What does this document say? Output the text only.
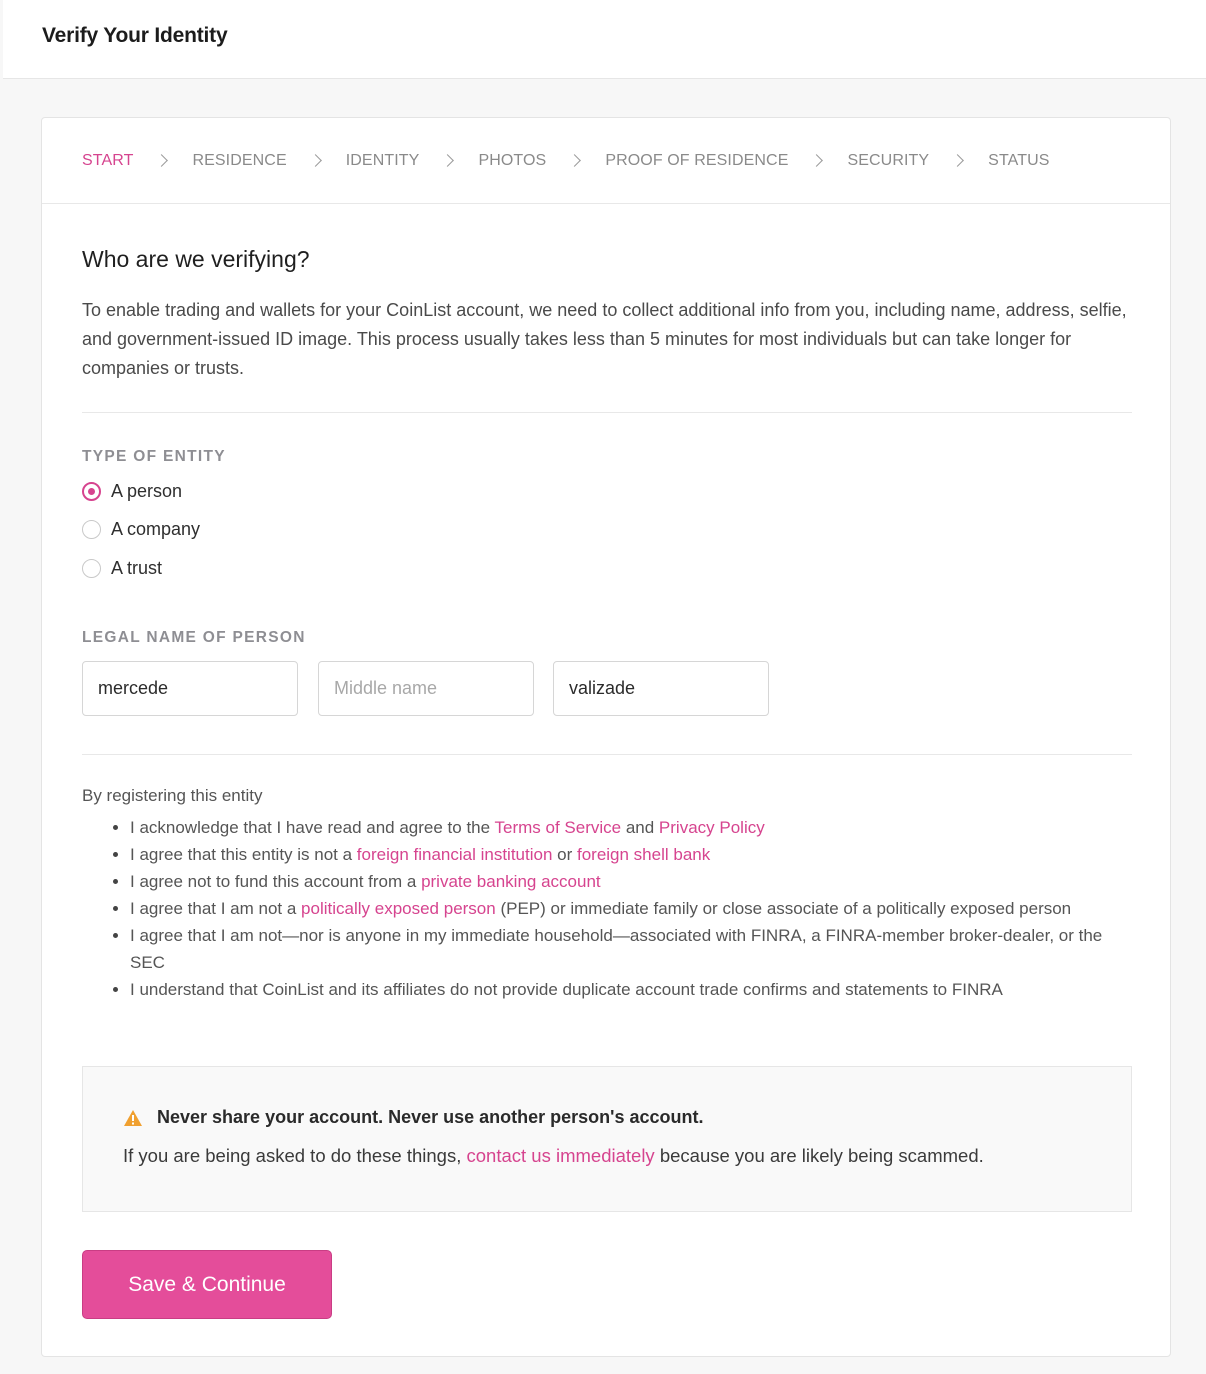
Verify Your Identity
START	RESIDENCE	IDENTITY	PHOTOS	PROOF OF RESIDENCE	SECURITY	STATUS
Who are we verifying?

To enable trading and wallets for your CoinList account, we need to collect additional info from you, including name, address, selfie, and government-issued ID image. This process usually takes less than 5 minutes for most individuals but can take longer for companies or trusts.

TYPE OF ENTITY
A person
A company
A trust
LEGAL NAME OF PERSON
mercede
Middle name
valizade
By registering this entity
I acknowledge that I have read and agree to the Terms of Service and Privacy Policy
I agree that this entity is not a foreign financial institution or foreign shell bank
I agree not to fund this account from a private banking account
I agree that I am not a politically exposed person (PEP) or immediate family or close associate of a politically exposed person
I agree that I am not—nor is anyone in my immediate household—associated with FINRA, a FINRA-member broker-dealer, or the SEC
I understand that CoinList and its affiliates do not provide duplicate account trade confirms and statements to FINRA
Never share your account. Never use another person's account.
If you are being asked to do these things, contact us immediately because you are likely being scammed.
Save & Continue
